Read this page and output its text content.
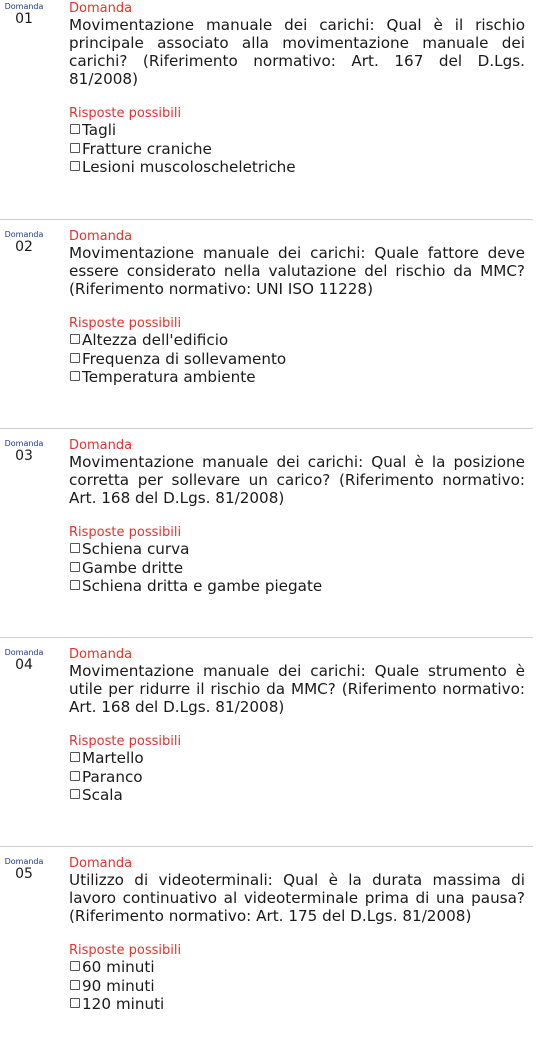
Domanda
01
Domanda

Movimentazione manuale dei carichi: Qual è il rischio principale associato alla movimentazione manuale dei carichi? (Riferimento normativo: Art. 167 del D.Lgs. 81/2008)

Risposte possibili
Tagli
Fratture craniche
Lesioni muscoloscheletriche
Domanda
02
Domanda

Movimentazione manuale dei carichi: Quale fattore deve essere considerato nella valutazione del rischio da MMC? (Riferimento normativo: UNI ISO 11228)

Risposte possibili
Altezza dell'edificio
Frequenza di sollevamento
Temperatura ambiente
Domanda
03
Domanda

Movimentazione manuale dei carichi: Qual è la posizione corretta per sollevare un carico? (Riferimento normativo: Art. 168 del D.Lgs. 81/2008)

Risposte possibili
Schiena curva
Gambe dritte
Schiena dritta e gambe piegate
Domanda
04
Domanda

Movimentazione manuale dei carichi: Quale strumento è utile per ridurre il rischio da MMC? (Riferimento normativo: Art. 168 del D.Lgs. 81/2008)

Risposte possibili
Martello
Paranco
Scala
Domanda
05
Domanda

Utilizzo di videoterminali: Qual è la durata massima di lavoro continuativo al videoterminale prima di una pausa? (Riferimento normativo: Art. 175 del D.Lgs. 81/2008)

Risposte possibili
60 minuti
90 minuti
120 minuti
